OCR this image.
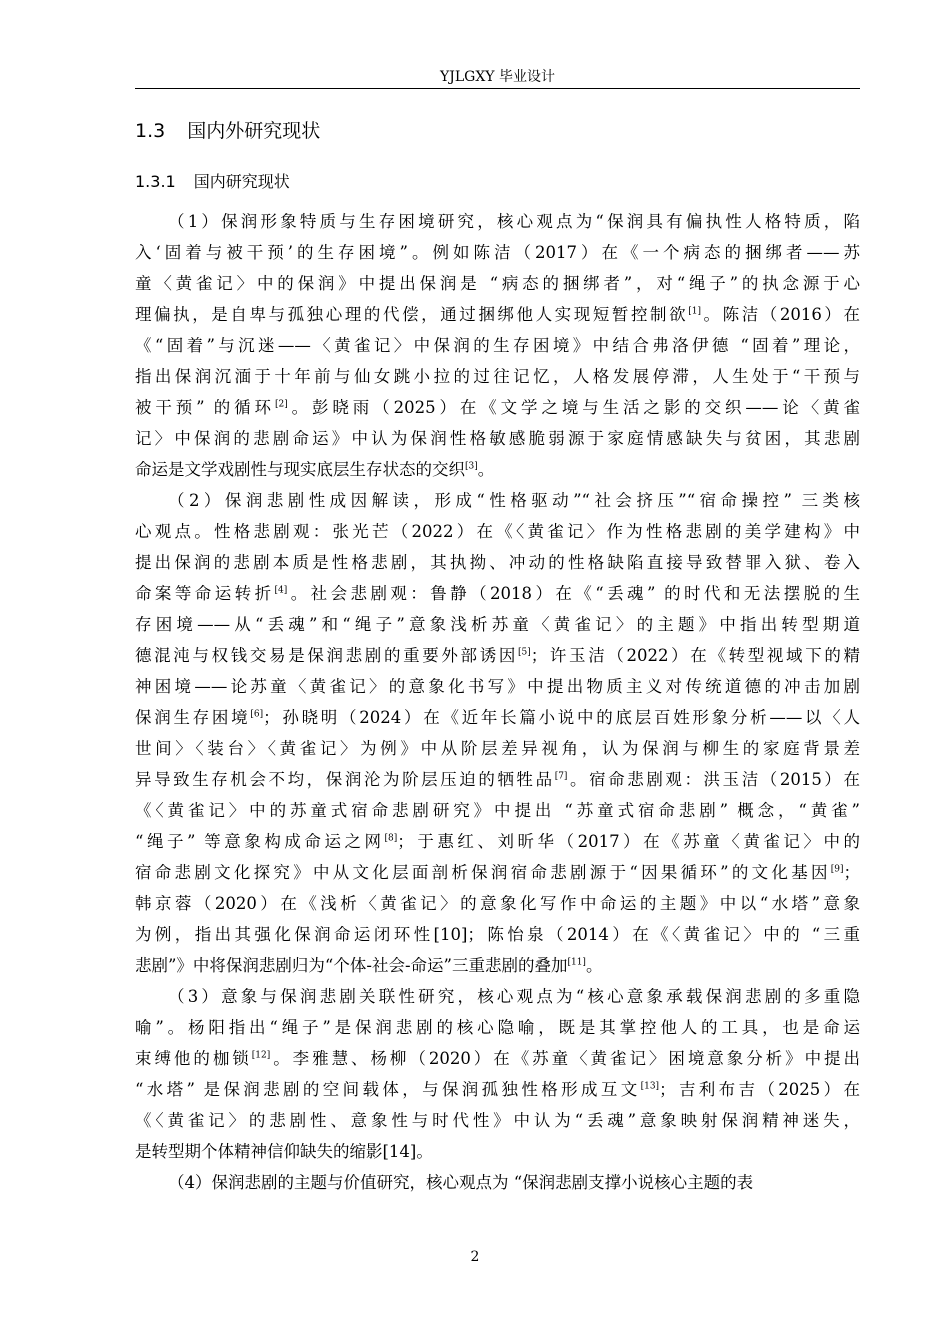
YJLGXY 毕业设计
1.3 国内外研究现状
1.3.1 国内研究现状
（1）保润形象特质与生存困境研究，核心观点为“保润具有偏执性人格特质，陷
入‘固着与被干预’的生存困境”。例如陈洁（2017）在《一个病态的捆绑者——苏
童〈黄雀记〉中的保润》中提出保润是 “病态的捆绑者”，对“绳子”的执念源于心
理偏执，是自卑与孤独心理的代偿，通过捆绑他人实现短暂控制欲[1]。陈洁（2016）在
《“固着”与沉迷——〈黄雀记〉中保润的生存困境》中结合弗洛伊德 “固着”理论，
指出保润沉湎于十年前与仙女跳小拉的过往记忆，人格发展停滞，人生处于“干预与
被干预” 的循环[2]。彭晓雨（2025）在《文学之境与生活之影的交织——论〈黄雀
记〉中保润的悲剧命运》中认为保润性格敏感脆弱源于家庭情感缺失与贫困，其悲剧
命运是文学戏剧性与现实底层生存状态的交织[3]。
（2）保润悲剧性成因解读，形成“性格驱动”“社会挤压”“宿命操控” 三类核
心观点。性格悲剧观：张光芒（2022）在《〈黄雀记〉作为性格悲剧的美学建构》中
提出保润的悲剧本质是性格悲剧，其执拗、冲动的性格缺陷直接导致替罪入狱、卷入
命案等命运转折[4]。社会悲剧观：鲁静（2018）在《“丢魂” 的时代和无法摆脱的生
存困境——从“丢魂”和“绳子”意象浅析苏童〈黄雀记〉的主题》中指出转型期道
德混沌与权钱交易是保润悲剧的重要外部诱因[5]；许玉洁（2022）在《转型视域下的精
神困境——论苏童〈黄雀记〉的意象化书写》中提出物质主义对传统道德的冲击加剧
保润生存困境[6]；孙晓明（2024）在《近年长篇小说中的底层百姓形象分析——以〈人
世间〉〈装台〉〈黄雀记〉为例》中从阶层差异视角，认为保润与柳生的家庭背景差
异导致生存机会不均，保润沦为阶层压迫的牺牲品[7]。宿命悲剧观：洪玉洁（2015）在
《〈黄雀记〉中的苏童式宿命悲剧研究》中提出 “苏童式宿命悲剧” 概念，“黄雀”
“绳子” 等意象构成命运之网[8]；于惠红、刘昕华（2017）在《苏童〈黄雀记〉中的
宿命悲剧文化探究》中从文化层面剖析保润宿命悲剧源于“因果循环”的文化基因[9]；
韩京蓉（2020）在《浅析〈黄雀记〉的意象化写作中命运的主题》中以“水塔”意象
为例，指出其强化保润命运闭环性[10]；陈怡泉（2014）在《〈黄雀记〉中的 “三重
悲剧”》中将保润悲剧归为“个体-社会-命运”三重悲剧的叠加[11]。
（3）意象与保润悲剧关联性研究，核心观点为“核心意象承载保润悲剧的多重隐
喻”。杨阳指出“绳子”是保润悲剧的核心隐喻，既是其掌控他人的工具，也是命运
束缚他的枷锁[12]。李雅慧、杨柳（2020）在《苏童〈黄雀记〉困境意象分析》中提出
“水塔” 是保润悲剧的空间载体，与保润孤独性格形成互文[13]；吉利布吉（2025）在
《〈黄雀记〉的悲剧性、意象性与时代性》中认为“丢魂”意象映射保润精神迷失，
是转型期个体精神信仰缺失的缩影[14]。
（4）保润悲剧的主题与价值研究，核心观点为 “保润悲剧支撑小说核心主题的表
2
